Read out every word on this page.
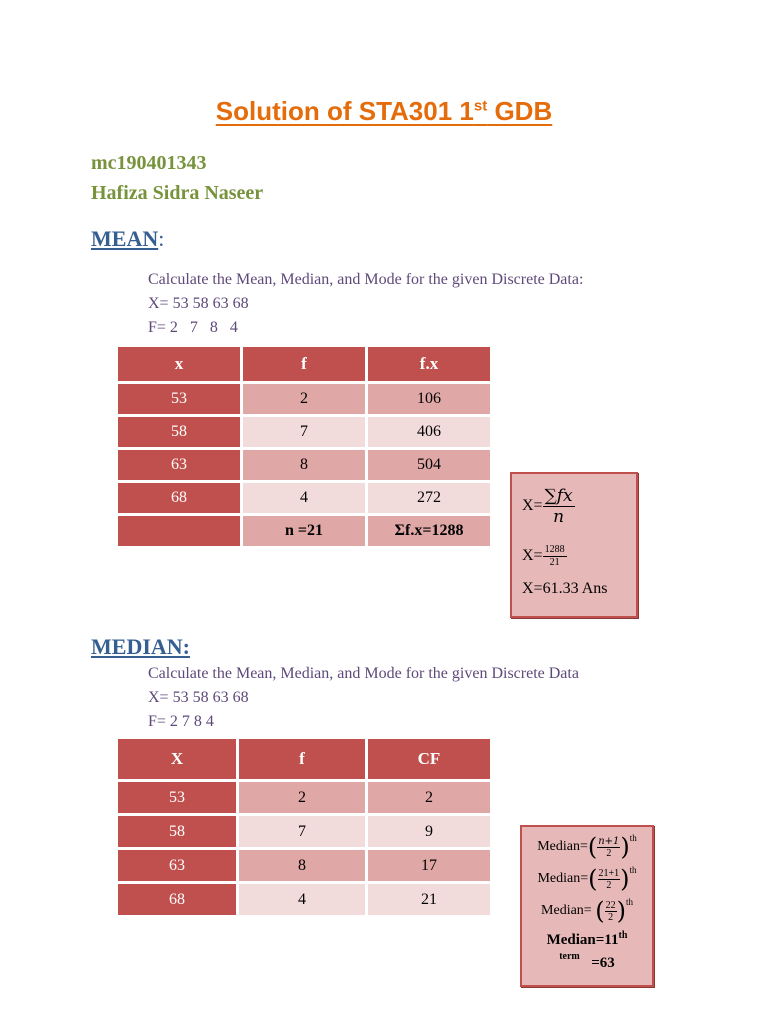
Solution of STA301 1st GDB
mc190401343
Hafiza Sidra Naseer
MEAN:
Calculate the Mean, Median, and Mode for the given Discrete Data:
X= 53 58 63 68
F= 2   7   8   4
x	f	f.x
53	2	106
58	7	406
63	8	504
68	4	272
	n =21	Σf.x=1288
$X= \frac{\text{∑𝑓𝑥}}{\text{𝑛}}$
$X= \frac{1288}{21}$
X=61.33 Ans
MEDIAN:
Calculate the Mean, Median, and Mode for the given Discrete Data
X= 53 58 63 68
F= 2 7 8 4
X	f	CF
53	2	2
58	7	9
63	8	17
68	4	21
Median=( $\frac{\text{𝑛+1}}{2})^{th}$
Median=( $\frac{21+1}{2})^{th}$
Median= ( $\frac{22}{2})^{th}$
Median=11th
$^{term}$ =63
